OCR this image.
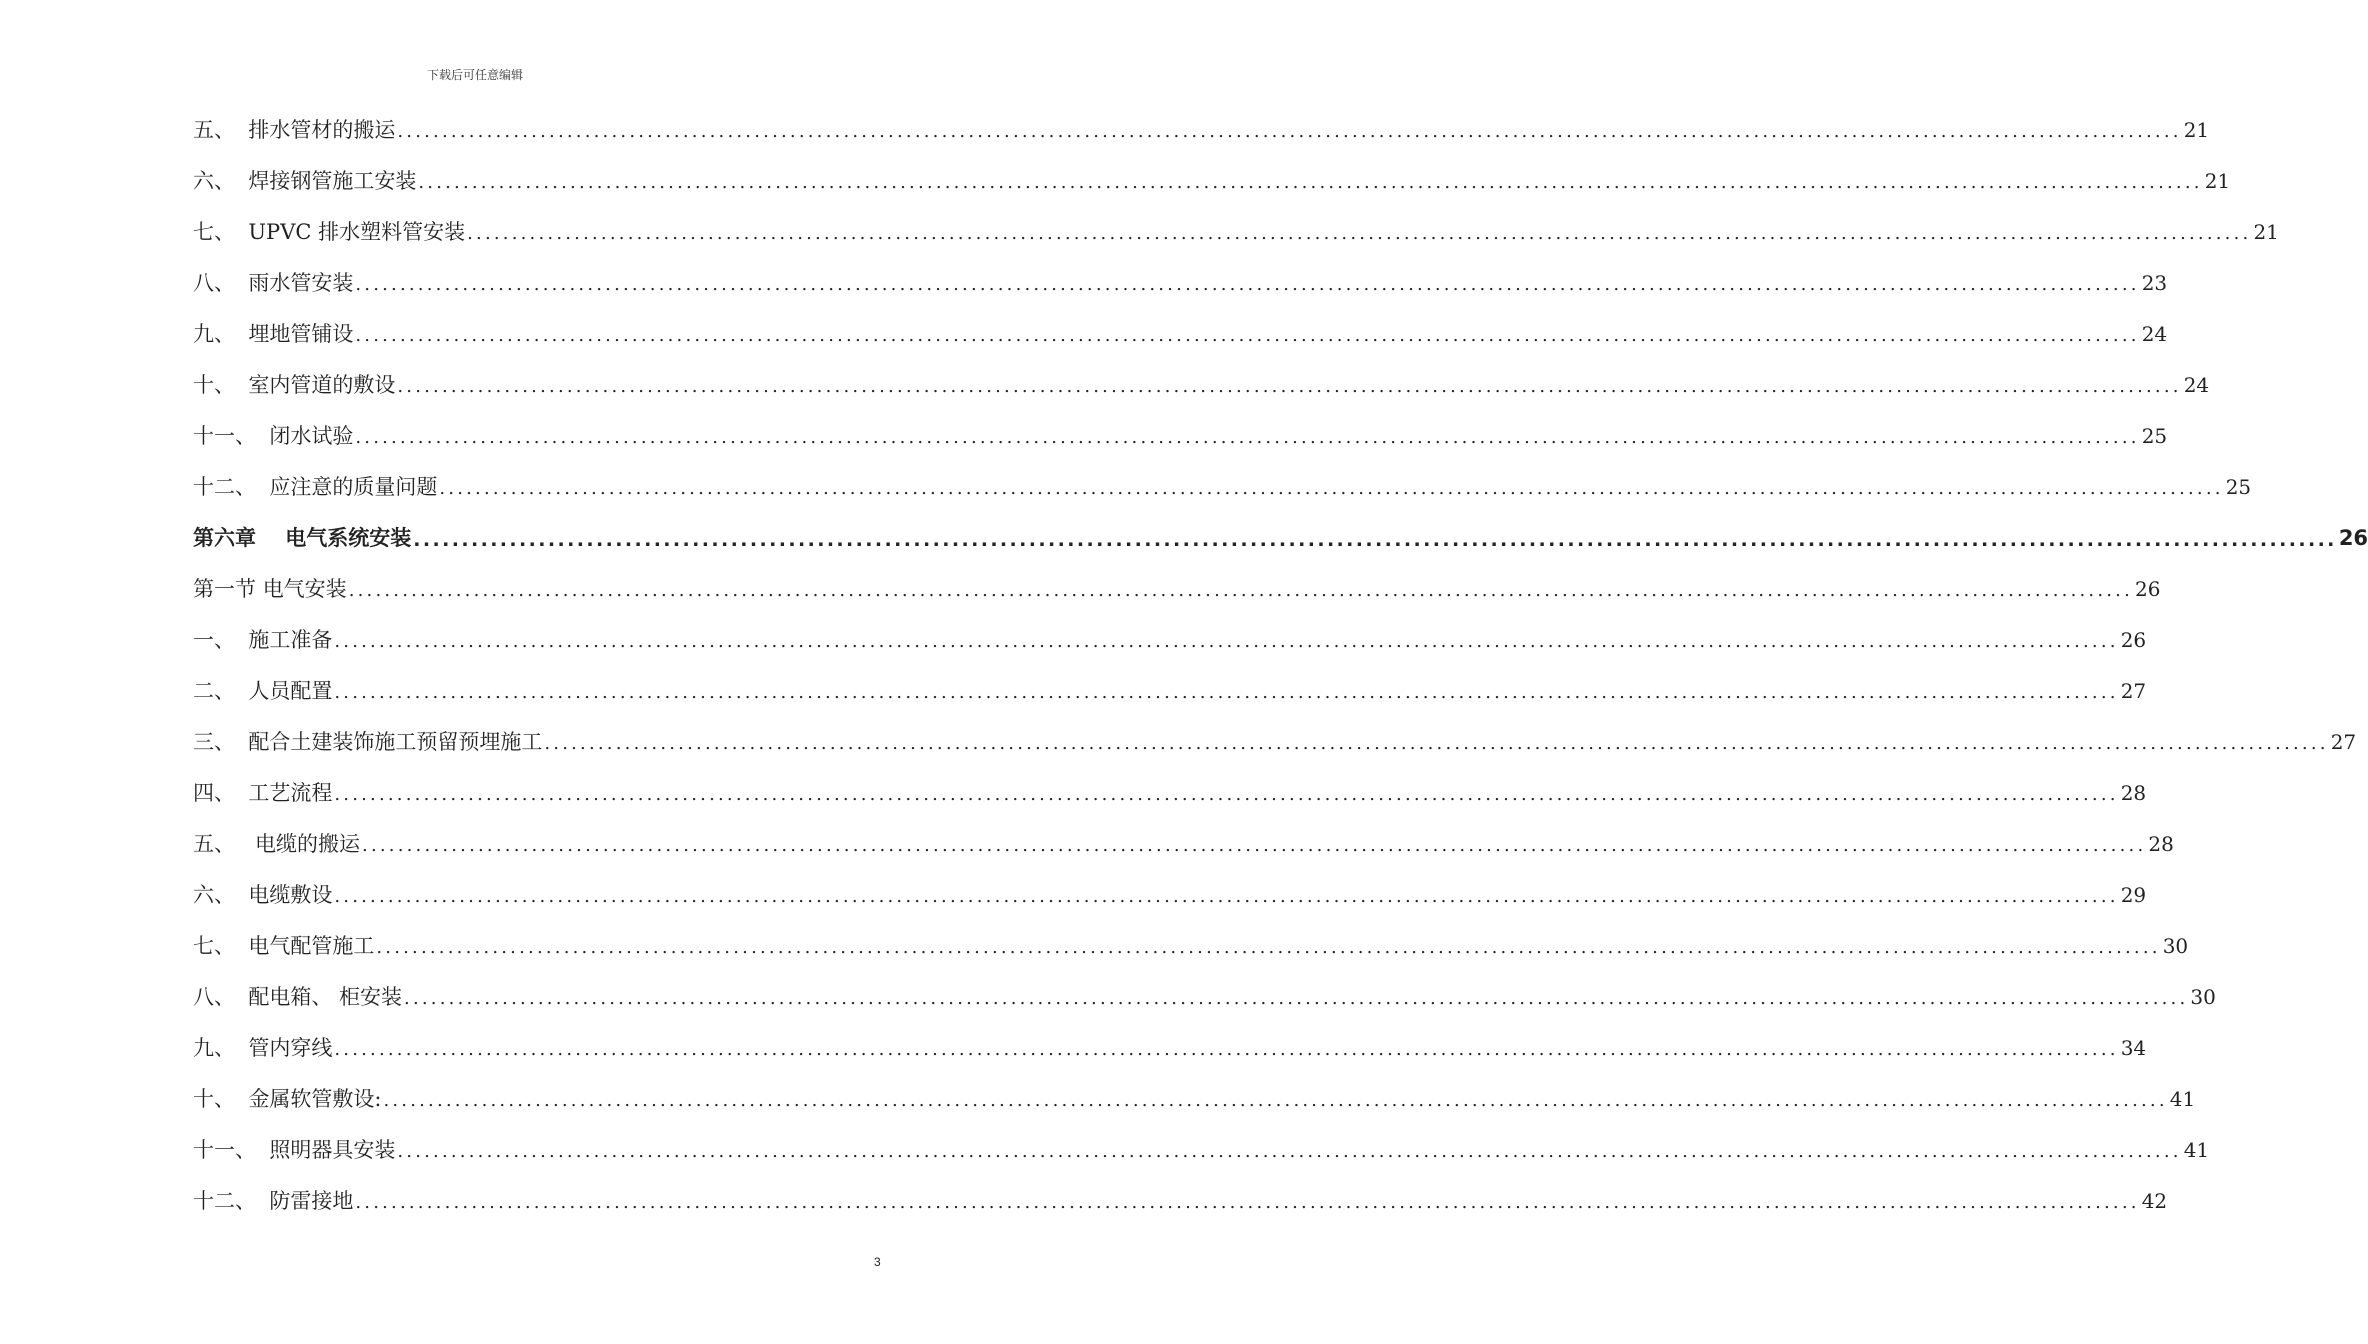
下载后可任意编辑
五、 排水管材的搬运 ........................................................................................................................................................................................................ 21
六、 焊接钢管施工安装 ........................................................................................................................................................................................................ 21
七、 UPVC 排水塑料管安装 ........................................................................................................................................................................................................ 21
八、 雨水管安装 ........................................................................................................................................................................................................ 23
九、 埋地管铺设 ........................................................................................................................................................................................................ 24
十、 室内管道的敷设 ........................................................................................................................................................................................................ 24
十一、 闭水试验 ........................................................................................................................................................................................................ 25
十二、 应注意的质量问题 ........................................................................................................................................................................................................ 25
第六章 电气系统安装 ........................................................................................................................................................................................................ 26
第一节 电气安装 ........................................................................................................................................................................................................ 26
一、 施工准备 ........................................................................................................................................................................................................ 26
二、 人员配置 ........................................................................................................................................................................................................ 27
三、 配合土建装饰施工预留预埋施工 ........................................................................................................................................................................................................ 27
四、 工艺流程 ........................................................................................................................................................................................................ 28
五、 电缆的搬运 ........................................................................................................................................................................................................ 28
六、 电缆敷设 ........................................................................................................................................................................................................ 29
七、 电气配管施工 ........................................................................................................................................................................................................ 30
八、 配电箱、 柜安装 ........................................................................................................................................................................................................ 30
九、 管内穿线 ........................................................................................................................................................................................................ 34
十、 金属软管敷设: ........................................................................................................................................................................................................ 41
十一、 照明器具安装 ........................................................................................................................................................................................................ 41
十二、 防雷接地 ........................................................................................................................................................................................................ 42
3
